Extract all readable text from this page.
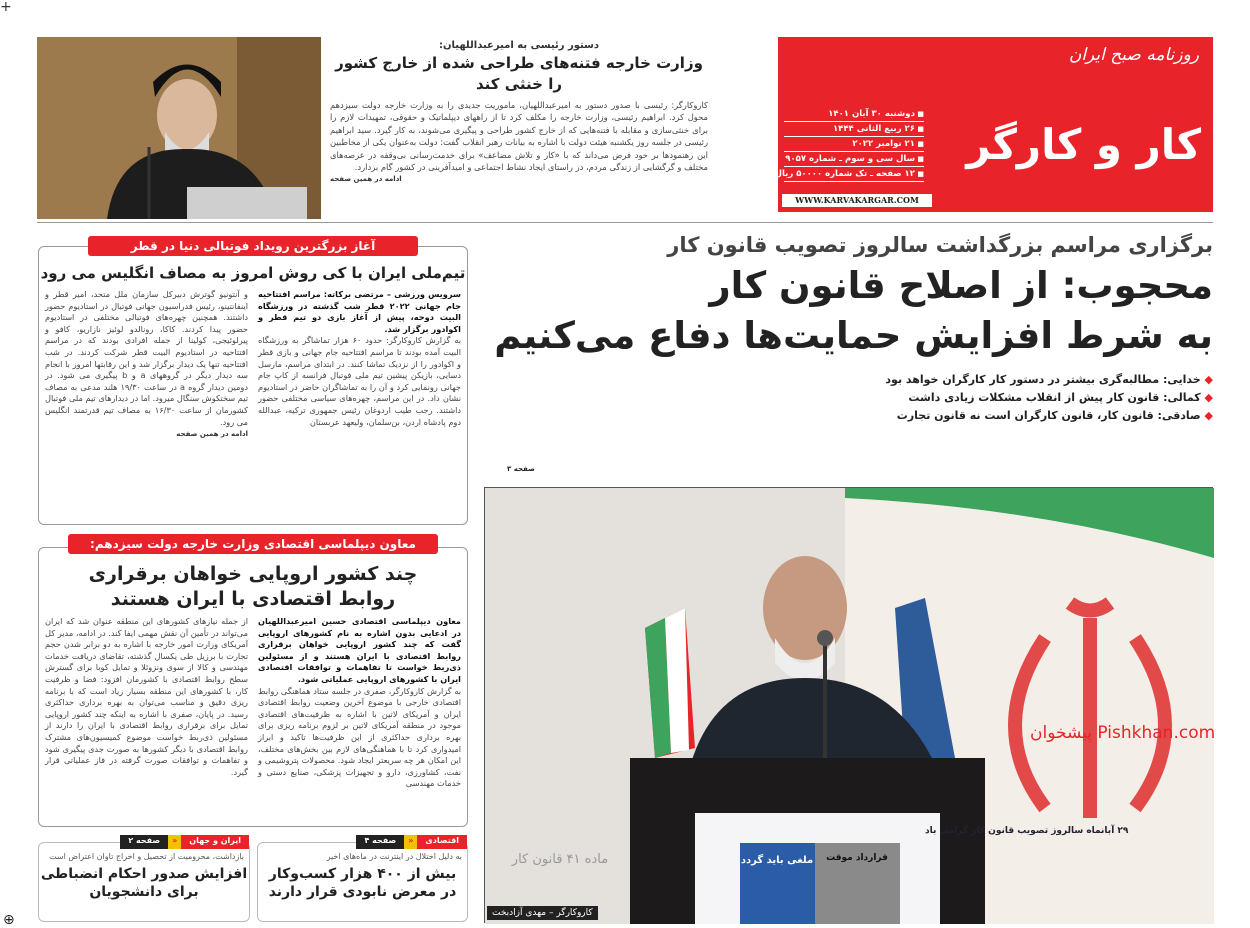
+
روزنامه صبح ایران
کار و کارگر
■ دوشنبه ۳۰ آبان ۱۴۰۱
■ ۲۶ ربیع الثانی ۱۴۴۴
■ ۲۱ نوامبر ۲۰۲۲
■ سال سی و سوم ـ شماره ۹۰۵۷
■ ۱۲ صفحه ـ تک شماره ۵۰۰۰۰ ریال
WWW.KARVAKARGAR.COM
دستور رئیسی به امیرعبداللهیان:
وزارت خارجه فتنه‌های طراحی شده از خارج کشور را خنثی کند

کاروکارگر: رئیسی با صدور دستور به امیرعبداللهیان، ماموریت جدیدی را به وزارت خارجه دولت سیزدهم محول کرد. ابراهیم رئیسی، وزارت خارجه را مکلف کرد تا از راههای دیپلماتیک و حقوقی، تمهیدات لازم را برای خنثی‌سازی و مقابله با فتنه‌هایی که از خارج کشور طراحی و پیگیری می‌شوند، به کار گیرد. سید ابراهیم رئیسی در جلسه روز یکشنبه هیئت دولت با اشاره به بیانات رهبر انقلاب گفت: دولت به‌عنوان یکی از مخاطبین این رهنمودها بر خود فرض می‌داند که با «کار و تلاش مضاعف» برای خدمت‌رسانی بی‌وقفه در عرصه‌های مختلف و گرگشایی از زندگی مردم، در راستای ایجاد نشاط اجتماعی و امیدآفرینی در کشور گام بردارد.

ادامه در همین صفحه
برگزاری مراسم بزرگداشت سالروز تصویب قانون کار
محجوب: از اصلاح قانون کار
به شرط افزایش حمایت‌ها دفاع می‌کنیم
◆ خدایی: مطالبه‌گری بیشتر در دستور کار کارگران خواهد بود
◆ کمالی: قانون کار پیش از انقلاب مشکلات زیادی داشت
◆ صادقی: قانون کار، قانون کارگران است نه قانون تجارت
صفحه ۳
پیشخوان Pishkhan.com
۲۹ آبانماه سالروز تصویب قانون کار گرامی باد
ملغی باید گردد قرارداد موقت
ماده ۴۱ قانون کار
کاروکارگر – مهدی آزادبخت
تیم‌ملی ایران با کی روش امروز به مصاف انگلیس می رود

سرویس ورزشی – مرتضی برکاته: مراسم افتتاحیه جام جهانی ۲۰۲۲ قطر شب گذشته در ورزشگاه البیت دوحه، پیش از آغاز بازی دو تیم قطر و اکوادور برگزار شد.
به گزارش کاروکارگر: حدود ۶۰ هزار تماشاگر به ورزشگاه البیت آمده بودند تا مراسم افتتاحیه جام جهانی و بازی قطر و اکوادور را از نزدیک تماشا کنند. در ابتدای مراسم، مارسل دسایی، بازیکن پیشین تیم ملی فوتبال فرانسه از کاپ جام جهانی رونمایی کرد و آن را به تماشاگران حاضر در استادیوم نشان داد. در این مراسم، چهره‌های سیاسی مختلفی حضور داشتند. رجب طیب اردوغان رئیس جمهوری ترکیه، عبدالله دوم پادشاه اردن، بن‌سلمان، ولیعهد عربستان

و آنتونیو گوترش دبیرکل سازمان ملل متحد، امیر قطر و اینفانتینو، رئیس فدراسیون جهانی فوتبال در استادیوم حضور داشتند. همچنین چهره‌های فوتبالی مختلفی در استادیوم حضور پیدا کردند. کاکا، رونالدو لوئیز نازاریو، کافو و پیرلوئیجی، کولینا از جمله افرادی بودند که در مراسم افتتاحیه در استادیوم البیت قطر شرکت کردند. در شب افتتاحیه تنها یک دیدار برگزار شد و این رقابتها امروز با انجام سه دیدار دیگر در گروههای a و b پیگیری می شود. در دومین دیدار گروه a در ساعت ۱۹/۳۰ هلند مدعی به مصاف تیم سختکوش سنگال میرود. اما در دیدارهای تیم ملی فوتبال کشورمان از ساعت ۱۶/۳۰ به مصاف تیم قدرتمند انگلیس می رود.
ادامه در همین صفحه

آغاز بزرگترین رویداد فوتبالی دنیا در قطر
چند کشور اروپایی خواهان برقراری
روابط اقتصادی با ایران هستند

معاون دیپلماسی اقتصادی حسین امیرعبداللهیان در ادعایی بدون اشاره به نام کشورهای اروپایی گفت که چند کشور اروپایی خواهان برقراری روابط اقتصادی با ایران هستند و از مسئولین ذی‌ربط خواست تا تفاهمات و توافقات اقتصادی ایران با کشورهای اروپایی عملیاتی شود.
به گزارش کاروکارگر، صفری در جلسه ستاد هماهنگی روابط اقتصادی خارجی با موضوع آخرین وضعیت روابط اقتصادی ایران و آمریکای لاتین با اشاره به ظرفیت‌های اقتصادی موجود در منطقه آمریکای لاتین بر لزوم برنامه ریزی برای بهره برداری حداکثری از این ظرفیت‌ها تاکید و ابراز امیدواری کرد تا با هماهنگی‌های لازم بین بخش‌های مختلف، این امکان هر چه سریعتر ایجاد شود. محصولات پتروشیمی و نفت، کشاورزی، دارو و تجهیزات پزشکی، صنایع دستی و خدمات مهندسی

از جمله نیازهای کشورهای این منطقه عنوان شد که ایران می‌تواند در تأمین آن نقش مهمی ایفا کند. در ادامه، مدیر کل آمریکای وزارت امور خارجه با اشاره به دو برابر شدن حجم تجارت با برزیل طی یکسال گذشته، تقاضای دریافت خدمات مهندسی و کالا از سوی ونزوئلا و تمایل کوبا برای گسترش سطح روابط اقتصادی با کشورمان افزود: فضا و ظرفیت کار، با کشورهای این منطقه بسیار زیاد است که با برنامه ریزی دقیق و مناسب می‌توان به بهره برداری حداکثری رسید. در پایان، صفری با اشاره به اینکه چند کشور اروپایی تمایل برای برقراری روابط اقتصادی با ایران را دارند از مسئولین ذی‌ربط خواست موضوع کمیسیون‌های مشترک روابط اقتصادی با دیگر کشورها به صورت جدی پیگیری شود و تفاهمات و توافقات صورت گرفته در فاز عملیاتی قرار گیرد.

معاون دیپلماسی اقتصادی وزارت خارجه دولت سیزدهم:
اقتصادی
«
صفحه ۴
به دلیل اختلال در اینترنت در ماه‌های اخیر
بیش از ۴۰۰ هزار کسب‌وکار
در معرض نابودی قرار دارند
ایران و جهان
«
صفحه ۲
بازداشت، محرومیت از تحصیل و اخراج تاوان اعتراض است
افزایش صدور احکام انضباطی
برای دانشجویان
⊕
